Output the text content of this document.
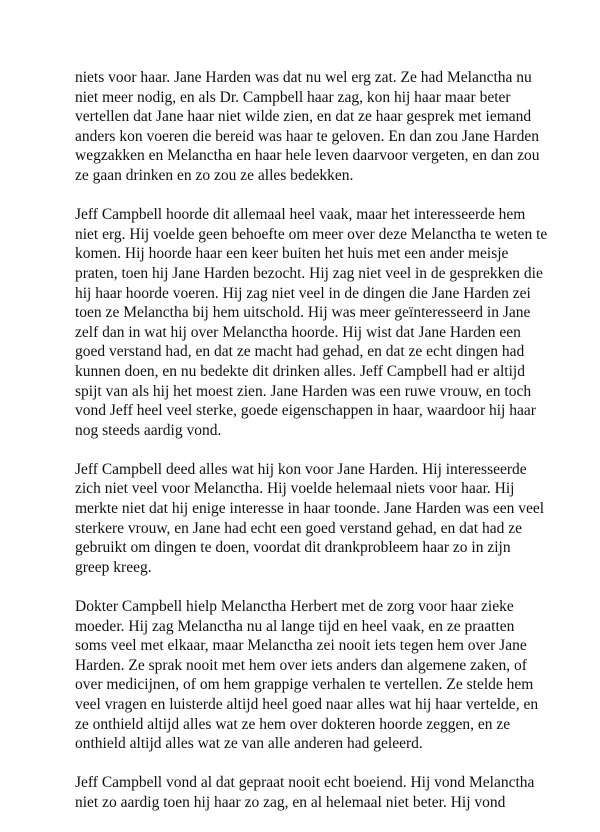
niets voor haar. Jane Harden was dat nu wel erg zat. Ze had Melanctha nu
niet meer nodig, en als Dr. Campbell haar zag, kon hij haar maar beter
vertellen dat Jane haar niet wilde zien, en dat ze haar gesprek met iemand
anders kon voeren die bereid was haar te geloven. En dan zou Jane Harden
wegzakken en Melanctha en haar hele leven daarvoor vergeten, en dan zou
ze gaan drinken en zo zou ze alles bedekken.

Jeff Campbell hoorde dit allemaal heel vaak, maar het interesseerde hem
niet erg. Hij voelde geen behoefte om meer over deze Melanctha te weten te
komen. Hij hoorde haar een keer buiten het huis met een ander meisje
praten, toen hij Jane Harden bezocht. Hij zag niet veel in de gesprekken die
hij haar hoorde voeren. Hij zag niet veel in de dingen die Jane Harden zei
toen ze Melanctha bij hem uitschold. Hij was meer geïnteresseerd in Jane
zelf dan in wat hij over Melanctha hoorde. Hij wist dat Jane Harden een
goed verstand had, en dat ze macht had gehad, en dat ze echt dingen had
kunnen doen, en nu bedekte dit drinken alles. Jeff Campbell had er altijd
spijt van als hij het moest zien. Jane Harden was een ruwe vrouw, en toch
vond Jeff heel veel sterke, goede eigenschappen in haar, waardoor hij haar
nog steeds aardig vond.

Jeff Campbell deed alles wat hij kon voor Jane Harden. Hij interesseerde
zich niet veel voor Melanctha. Hij voelde helemaal niets voor haar. Hij
merkte niet dat hij enige interesse in haar toonde. Jane Harden was een veel
sterkere vrouw, en Jane had echt een goed verstand gehad, en dat had ze
gebruikt om dingen te doen, voordat dit drankprobleem haar zo in zijn
greep kreeg.

Dokter Campbell hielp Melanctha Herbert met de zorg voor haar zieke
moeder. Hij zag Melanctha nu al lange tijd en heel vaak, en ze praatten
soms veel met elkaar, maar Melanctha zei nooit iets tegen hem over Jane
Harden. Ze sprak nooit met hem over iets anders dan algemene zaken, of
over medicijnen, of om hem grappige verhalen te vertellen. Ze stelde hem
veel vragen en luisterde altijd heel goed naar alles wat hij haar vertelde, en
ze onthield altijd alles wat ze hem over dokteren hoorde zeggen, en ze
onthield altijd alles wat ze van alle anderen had geleerd.

Jeff Campbell vond al dat gepraat nooit echt boeiend. Hij vond Melanctha
niet zo aardig toen hij haar zo zag, en al helemaal niet beter. Hij vond
